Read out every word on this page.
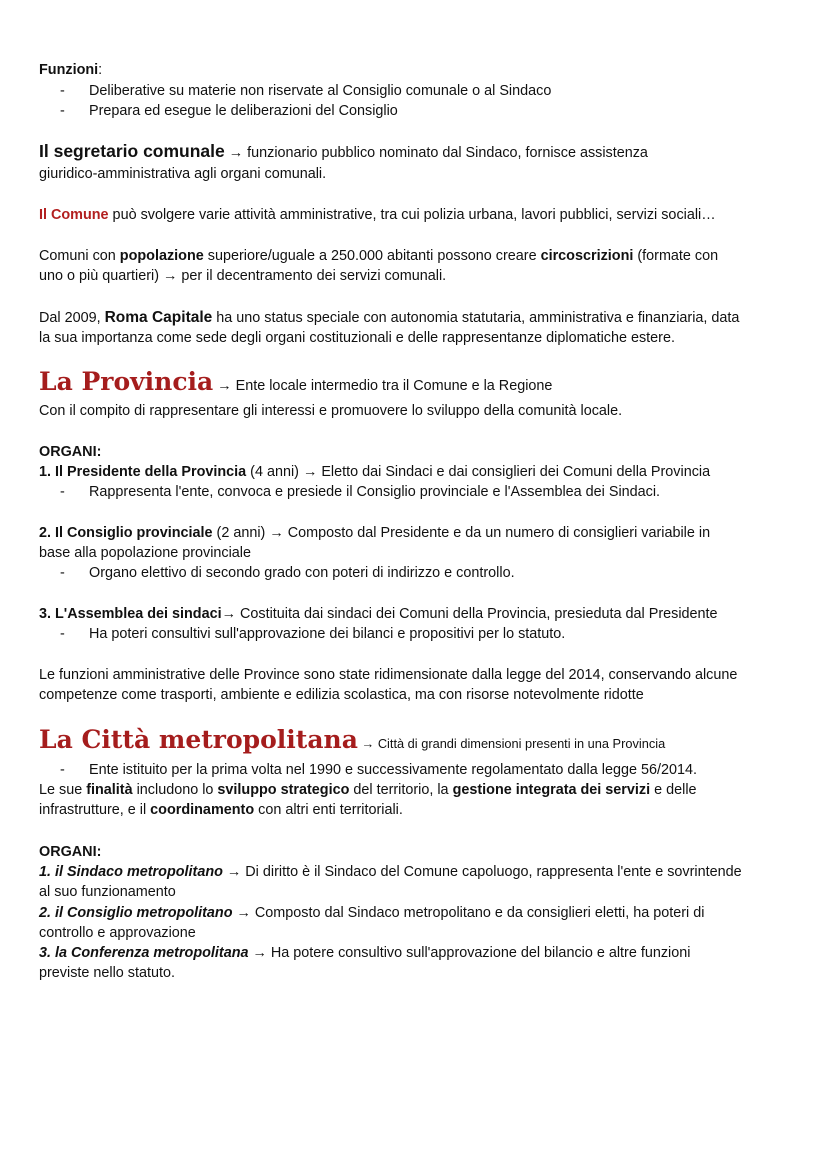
Funzioni:
Deliberative su materie non riservate al Consiglio comunale o al Sindaco
Prepara ed esegue le deliberazioni del Consiglio
Il segretario comunale → funzionario pubblico nominato dal Sindaco, fornisce assistenza
giuridico-amministrativa agli organi comunali.
Il Comune può svolgere varie attività amministrative, tra cui polizia urbana, lavori pubblici, servizi sociali…
Comuni con popolazione superiore/uguale a 250.000 abitanti possono creare circoscrizioni (formate con
uno o più quartieri) → per il decentramento dei servizi comunali.
Dal 2009, Roma Capitale ha uno status speciale con autonomia statutaria, amministrativa e finanziaria, data
la sua importanza come sede degli organi costituzionali e delle rappresentanze diplomatiche estere.
La Provincia → Ente locale intermedio tra il Comune e la Regione
Con il compito di rappresentare gli interessi e promuovere lo sviluppo della comunità locale.
ORGANI:
1. Il Presidente della Provincia (4 anni) → Eletto dai Sindaci e dai consiglieri dei Comuni della Provincia
Rappresenta l'ente, convoca e presiede il Consiglio provinciale e l'Assemblea dei Sindaci.
2. Il Consiglio provinciale (2 anni) → Composto dal Presidente e da un numero di consiglieri variabile in
base alla popolazione provinciale
Organo elettivo di secondo grado con poteri di indirizzo e controllo.
3. L'Assemblea dei sindaci→ Costituita dai sindaci dei Comuni della Provincia, presieduta dal Presidente
Ha poteri consultivi sull'approvazione dei bilanci e propositivi per lo statuto.
Le funzioni amministrative delle Province sono state ridimensionate dalla legge del 2014, conservando alcune
competenze come trasporti, ambiente e edilizia scolastica, ma con risorse notevolmente ridotte
La Città metropolitana → Città di grandi dimensioni presenti in una Provincia
Ente istituito per la prima volta nel 1990 e successivamente regolamentato dalla legge 56/2014.
Le sue finalità includono lo sviluppo strategico del territorio, la gestione integrata dei servizi e delle
infrastrutture, e il coordinamento con altri enti territoriali.
ORGANI:
1. il Sindaco metropolitano → Di diritto è il Sindaco del Comune capoluogo, rappresenta l'ente e sovrintende
al suo funzionamento
2. il Consiglio metropolitano → Composto dal Sindaco metropolitano e da consiglieri eletti, ha poteri di
controllo e approvazione
3. la Conferenza metropolitana → Ha potere consultivo sull'approvazione del bilancio e altre funzioni
previste nello statuto.
